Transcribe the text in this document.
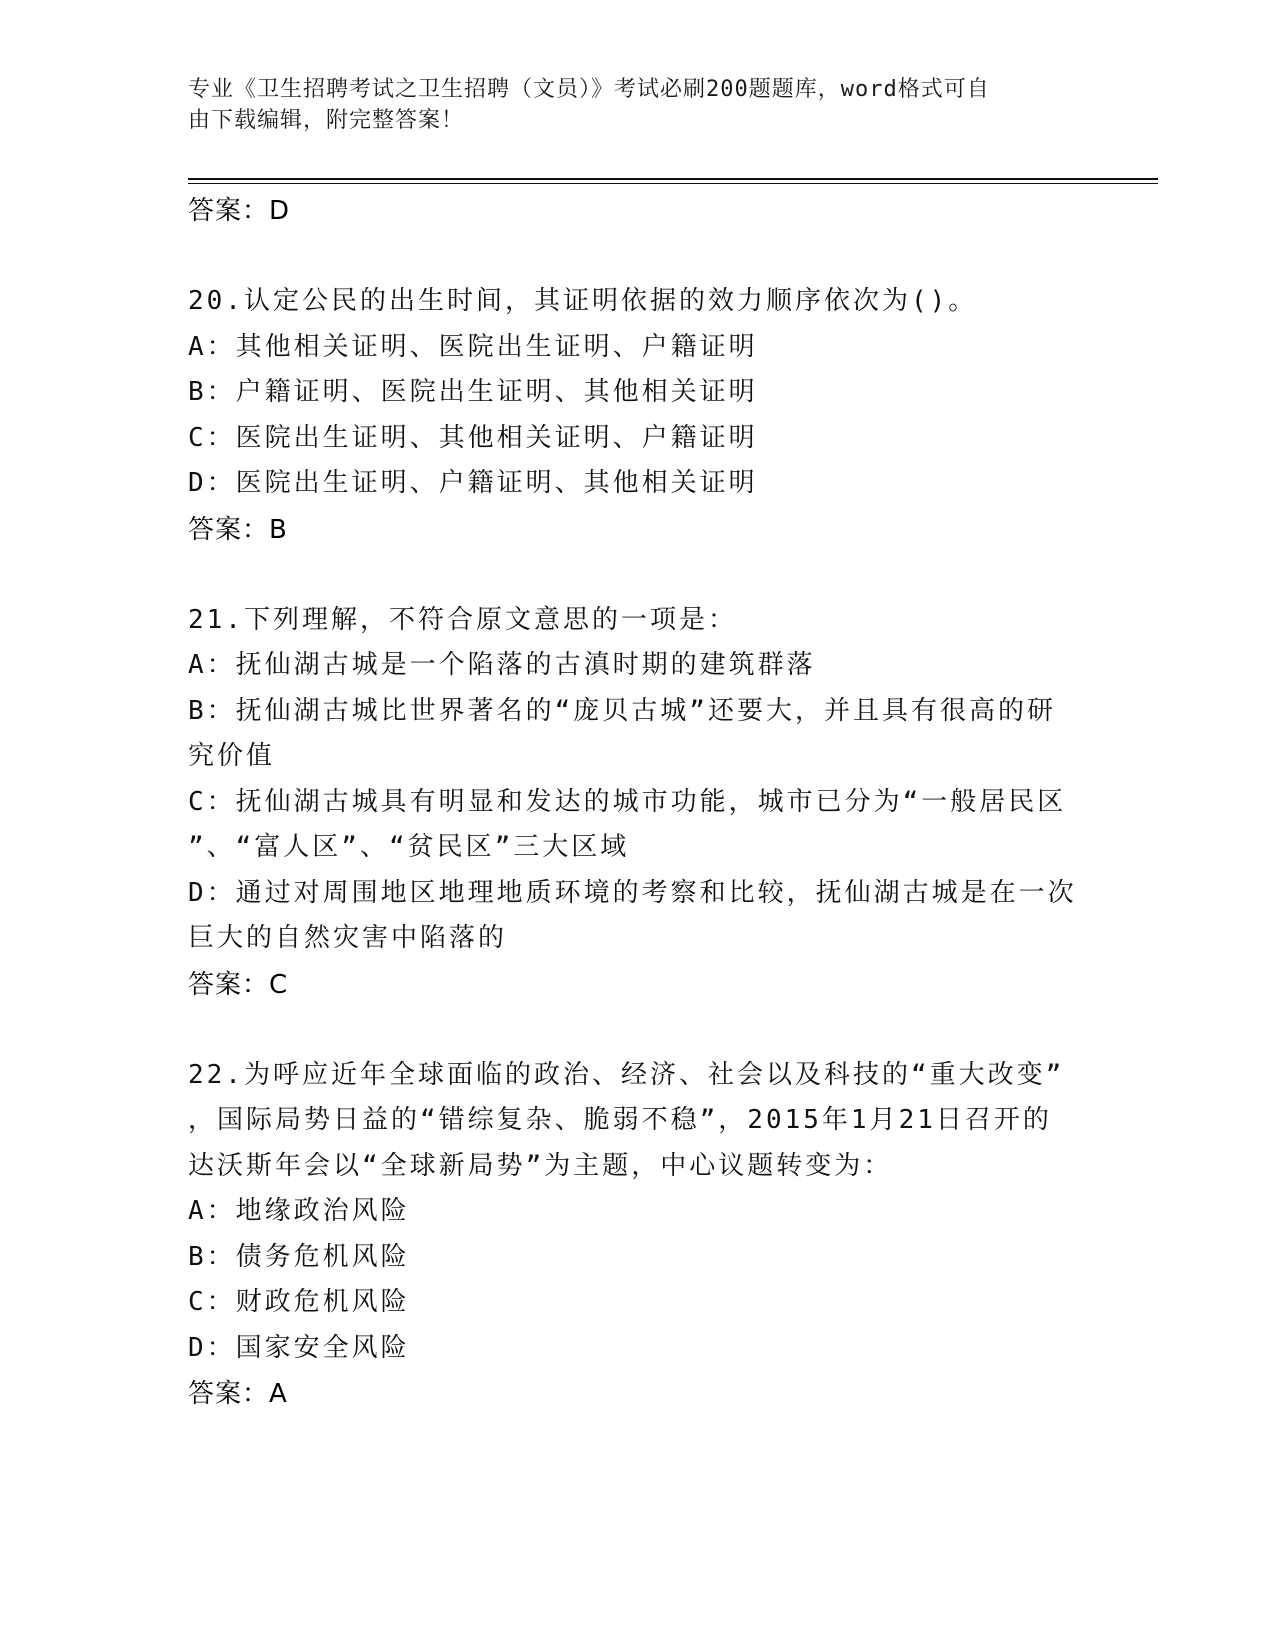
专业《卫生招聘考试之卫生招聘（文员）》考试必刷200题题库，word格式可自
由下载编辑，附完整答案！
答案：D
20.认定公民的出生时间，其证明依据的效力顺序依次为()。
A：其他相关证明、医院出生证明、户籍证明
B：户籍证明、医院出生证明、其他相关证明
C：医院出生证明、其他相关证明、户籍证明
D：医院出生证明、户籍证明、其他相关证明
答案：B
21.下列理解，不符合原文意思的一项是：
A：抚仙湖古城是一个陷落的古滇时期的建筑群落
B：抚仙湖古城比世界著名的“庞贝古城”还要大，并且具有很高的研
究价值
C：抚仙湖古城具有明显和发达的城市功能，城市已分为“一般居民区
”、“富人区”、“贫民区”三大区域
D：通过对周围地区地理地质环境的考察和比较，抚仙湖古城是在一次
巨大的自然灾害中陷落的
答案：C
22.为呼应近年全球面临的政治、经济、社会以及科技的“重大改变”
，国际局势日益的“错综复杂、脆弱不稳”，2015年1月21日召开的
达沃斯年会以“全球新局势”为主题，中心议题转变为：
A：地缘政治风险
B：债务危机风险
C：财政危机风险
D：国家安全风险
答案：A
